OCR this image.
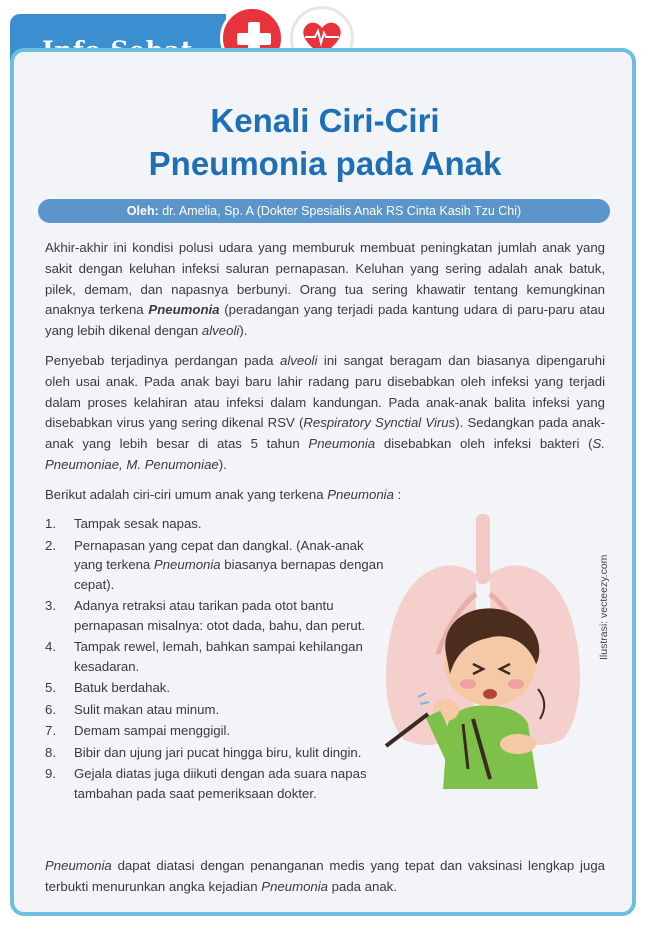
Kenali Ciri-Ciri
Pneumonia pada Anak
Oleh: dr. Amelia, Sp. A (Dokter Spesialis Anak RS Cinta Kasih Tzu Chi)
Akhir-akhir ini kondisi polusi udara yang memburuk membuat peningkatan jumlah anak yang sakit dengan keluhan infeksi saluran pernapasan. Keluhan yang sering adalah anak batuk, pilek, demam, dan napasnya berbunyi. Orang tua sering khawatir tentang kemungkinan anaknya terkena Pneumonia (peradangan yang terjadi pada kantung udara di paru-paru atau yang lebih dikenal dengan alveoli).
Penyebab terjadinya perdangan pada alveoli ini sangat beragam dan biasanya dipengaruhi oleh usai anak. Pada anak bayi baru lahir radang paru disebabkan oleh infeksi yang terjadi dalam proses kelahiran atau infeksi dalam kandungan. Pada anak-anak balita infeksi yang disebabkan virus yang sering dikenal RSV (Respiratory Synctial Virus). Sedangkan pada anak-anak yang lebih besar di atas 5 tahun Pneumonia disebabkan oleh infeksi bakteri (S. Pneumoniae, M. Penumoniae).
Berikut adalah ciri-ciri umum anak yang terkena Pneumonia :
1.	Tampak sesak napas.
2.	Pernapasan yang cepat dan dangkal. (Anak-anak yang terkena Pneumonia biasanya bernapas dengan cepat).
3.	Adanya retraksi atau tarikan pada otot bantu pernapasan misalnya: otot dada, bahu, dan perut.
4.	Tampak rewel, lemah, bahkan sampai kehilangan kesadaran.
5.	Batuk berdahak.
6.	Sulit makan atau minum.
7.	Demam sampai menggigil.
8.	Bibir dan ujung jari pucat hingga biru, kulit dingin.
9.	Gejala diatas juga diikuti dengan ada suara napas tambahan pada saat pemeriksaan dokter.
Ilustrasi: vecteezy.com
Pneumonia dapat diatasi dengan penanganan medis yang tepat dan vaksinasi lengkap juga terbukti menurunkan angka kejadian Pneumonia pada anak.
